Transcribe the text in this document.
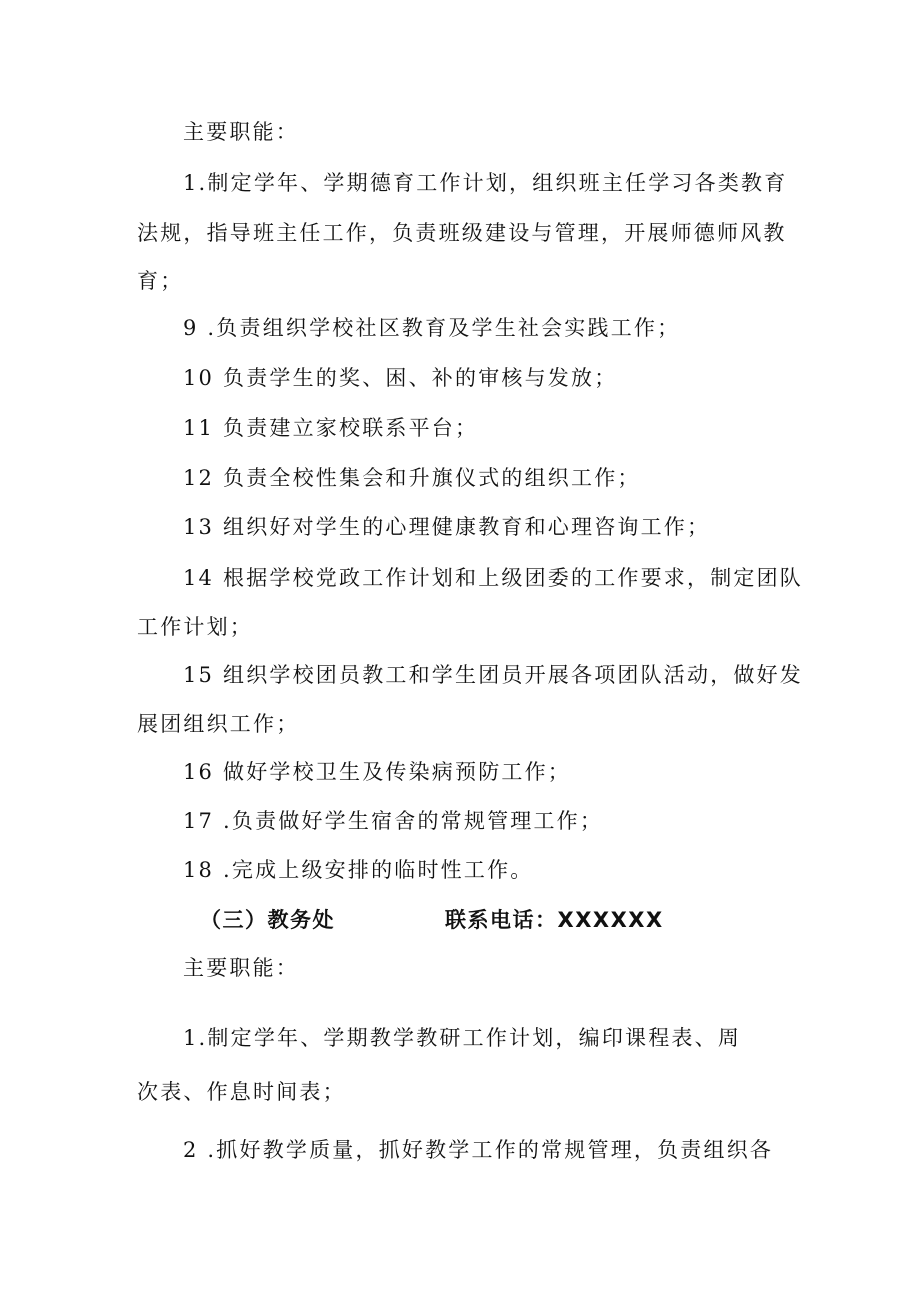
主要职能：
1.制定学年、学期德育工作计划，组织班主任学习各类教育
法规，指导班主任工作，负责班级建设与管理，开展师德师风教
育；
9 .负责组织学校社区教育及学生社会实践工作；
10 负责学生的奖、困、补的审核与发放；
11 负责建立家校联系平台；
12 负责全校性集会和升旗仪式的组织工作；
13 组织好对学生的心理健康教育和心理咨询工作；
14 根据学校党政工作计划和上级团委的工作要求，制定团队
工作计划；
15 组织学校团员教工和学生团员开展各项团队活动，做好发
展团组织工作；
16 做好学校卫生及传染病预防工作；
17 .负责做好学生宿舍的常规管理工作；
18 .完成上级安排的临时性工作。
（三）教务处	联系电话：XXXXXX
主要职能：
1.制定学年、学期教学教研工作计划，编印课程表、周
次表、作息时间表；
2 .抓好教学质量，抓好教学工作的常规管理，负责组织各
